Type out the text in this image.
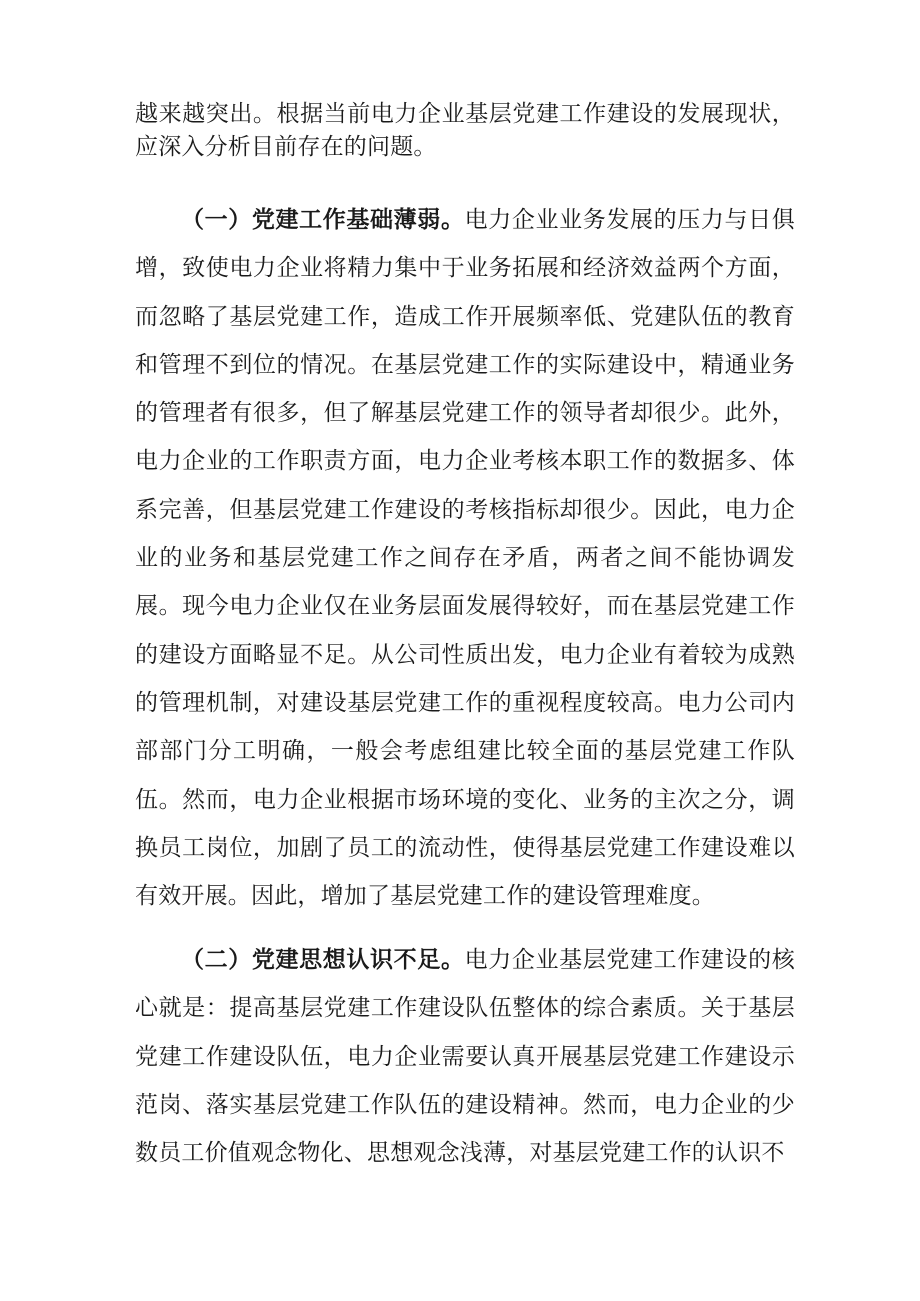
越来越突出。根据当前电力企业基层党建工作建设的发展现状，应深入分析目前存在的问题。

（一）党建工作基础薄弱。电力企业业务发展的压力与日俱增，致使电力企业将精力集中于业务拓展和经济效益两个方面，而忽略了基层党建工作，造成工作开展频率低、党建队伍的教育和管理不到位的情况。在基层党建工作的实际建设中，精通业务的管理者有很多，但了解基层党建工作的领导者却很少。此外，电力企业的工作职责方面，电力企业考核本职工作的数据多、体系完善，但基层党建工作建设的考核指标却很少。因此，电力企业的业务和基层党建工作之间存在矛盾，两者之间不能协调发展。现今电力企业仅在业务层面发展得较好，而在基层党建工作的建设方面略显不足。从公司性质出发，电力企业有着较为成熟的管理机制，对建设基层党建工作的重视程度较高。电力公司内部部门分工明确，一般会考虑组建比较全面的基层党建工作队伍。然而，电力企业根据市场环境的变化、业务的主次之分，调换员工岗位，加剧了员工的流动性，使得基层党建工作建设难以有效开展。因此，增加了基层党建工作的建设管理难度。

（二）党建思想认识不足。电力企业基层党建工作建设的核心就是：提高基层党建工作建设队伍整体的综合素质。关于基层党建工作建设队伍，电力企业需要认真开展基层党建工作建设示范岗、落实基层党建工作队伍的建设精神。然而，电力企业的少数员工价值观念物化、思想观念浅薄，对基层党建工作的认识不
